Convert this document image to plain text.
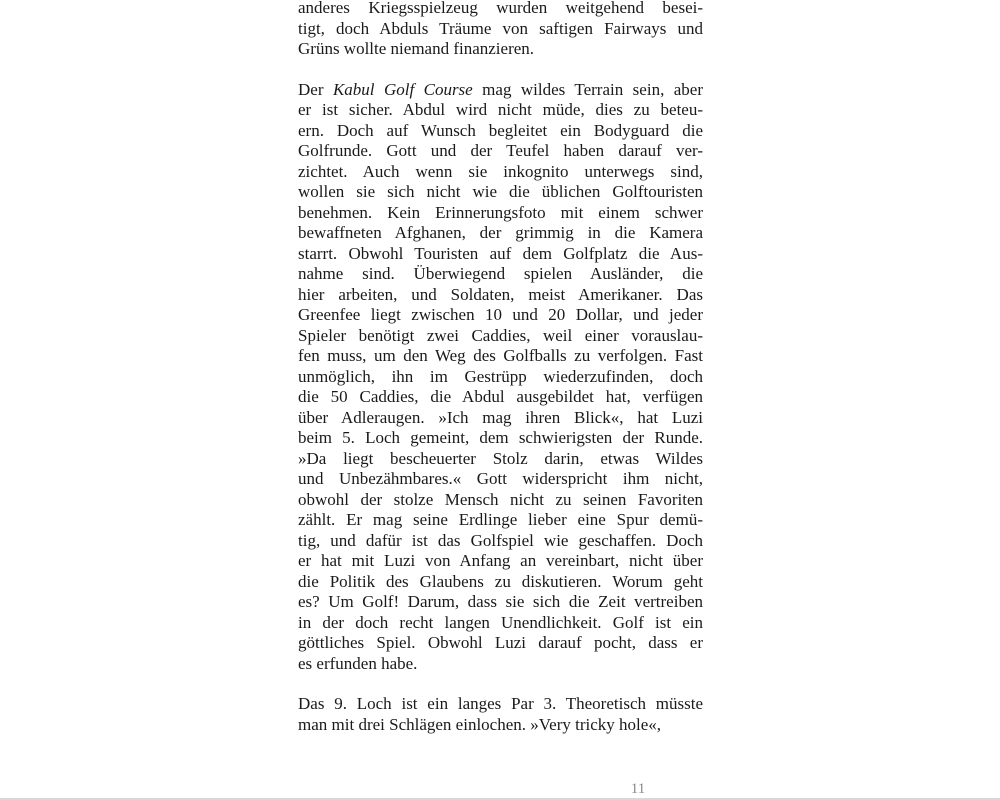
anderes Kriegsspielzeug wurden weitgehend besei-
tigt, doch Abduls Träume von saftigen Fairways und
Grüns wollte niemand finanzieren.
Der Kabul Golf Course mag wildes Terrain sein, aber
er ist sicher. Abdul wird nicht müde, dies zu beteu-
ern. Doch auf Wunsch begleitet ein Bodyguard die
Golfrunde. Gott und der Teufel haben darauf ver-
zichtet. Auch wenn sie inkognito unterwegs sind,
wollen sie sich nicht wie die üblichen Golftouristen
benehmen. Kein Erinnerungsfoto mit einem schwer
bewaffneten Afghanen, der grimmig in die Kamera
starrt. Obwohl Touristen auf dem Golfplatz die Aus-
nahme sind. Überwiegend spielen Ausländer, die
hier arbeiten, und Soldaten, meist Amerikaner. Das
Greenfee liegt zwischen 10 und 20 Dollar, und jeder
Spieler benötigt zwei Caddies, weil einer vorauslau-
fen muss, um den Weg des Golfballs zu verfolgen. Fast
unmöglich, ihn im Gestrüpp wiederzufinden, doch
die 50 Caddies, die Abdul ausgebildet hat, verfügen
über Adleraugen. »Ich mag ihren Blick«, hat Luzi
beim 5. Loch gemeint, dem schwierigsten der Runde.
»Da liegt bescheuerter Stolz darin, etwas Wildes
und Unbezähmbares.« Gott widerspricht ihm nicht,
obwohl der stolze Mensch nicht zu seinen Favoriten
zählt. Er mag seine Erdlinge lieber eine Spur demü-
tig, und dafür ist das Golfspiel wie geschaffen. Doch
er hat mit Luzi von Anfang an vereinbart, nicht über
die Politik des Glaubens zu diskutieren. Worum geht
es? Um Golf! Darum, dass sie sich die Zeit vertreiben
in der doch recht langen Unendlichkeit. Golf ist ein
göttliches Spiel. Obwohl Luzi darauf pocht, dass er
es erfunden habe.
Das 9. Loch ist ein langes Par 3. Theoretisch müsste
man mit drei Schlägen einlochen. »Very tricky hole«,
11
